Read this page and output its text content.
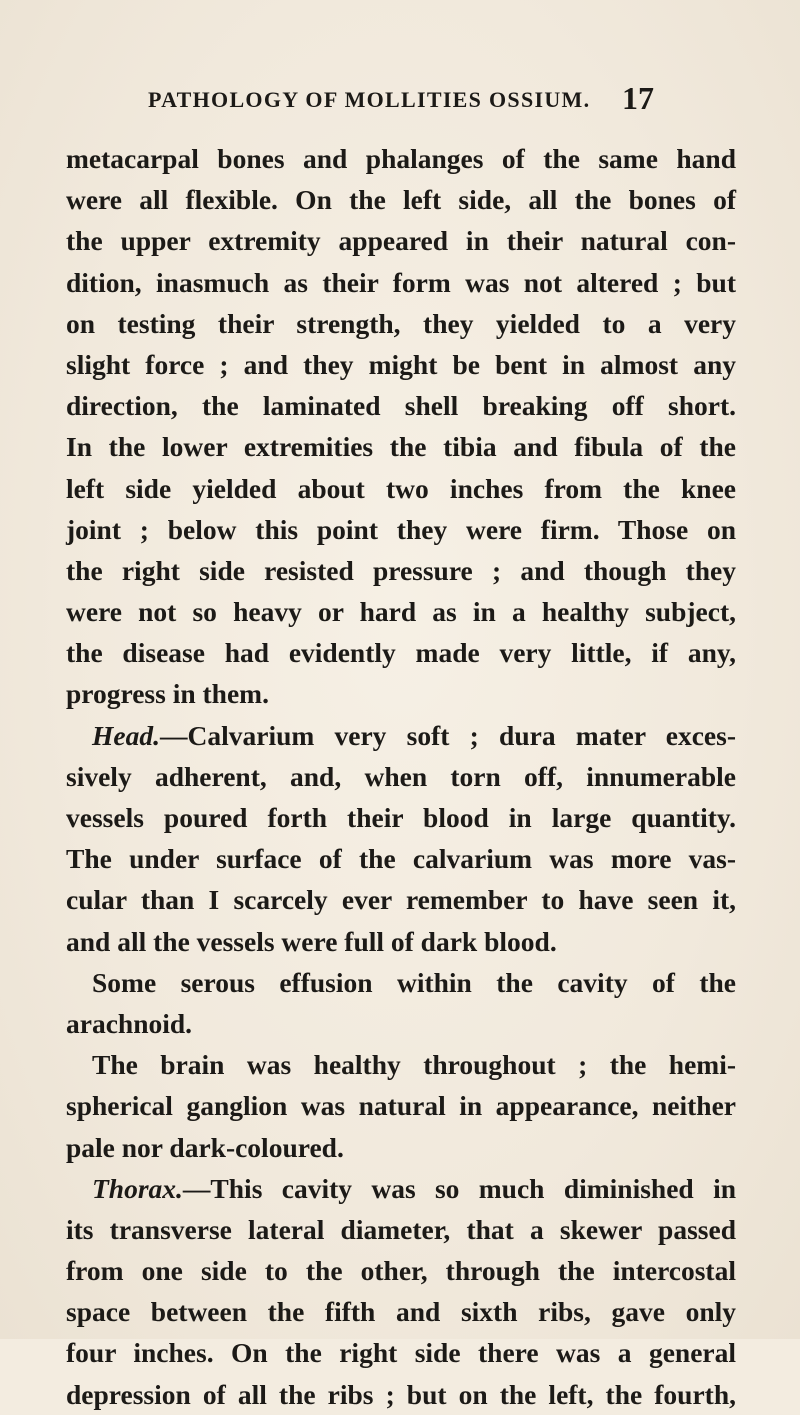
PATHOLOGY OF MOLLITIES OSSIUM. 17
metacarpal bones and phalanges of the same hand
were all flexible. On the left side, all the bones of
the upper extremity appeared in their natural con-
dition, inasmuch as their form was not altered ; but
on testing their strength, they yielded to a very
slight force ; and they might be bent in almost any
direction, the laminated shell breaking off short.
In the lower extremities the tibia and fibula of the
left side yielded about two inches from the knee
joint ; below this point they were firm. Those on
the right side resisted pressure ; and though they
were not so heavy or hard as in a healthy subject,
the disease had evidently made very little, if any,
progress in them.
Head.—Calvarium very soft ; dura mater exces-
sively adherent, and, when torn off, innumerable
vessels poured forth their blood in large quantity.
The under surface of the calvarium was more vas-
cular than I scarcely ever remember to have seen it,
and all the vessels were full of dark blood.
Some serous effusion within the cavity of the
arachnoid.
The brain was healthy throughout ; the hemi-
spherical ganglion was natural in appearance, neither
pale nor dark-coloured.
Thorax.—This cavity was so much diminished in
its transverse lateral diameter, that a skewer passed
from one side to the other, through the intercostal
space between the fifth and sixth ribs, gave only
four inches. On the right side there was a general
depression of all the ribs ; but on the left, the fourth,
